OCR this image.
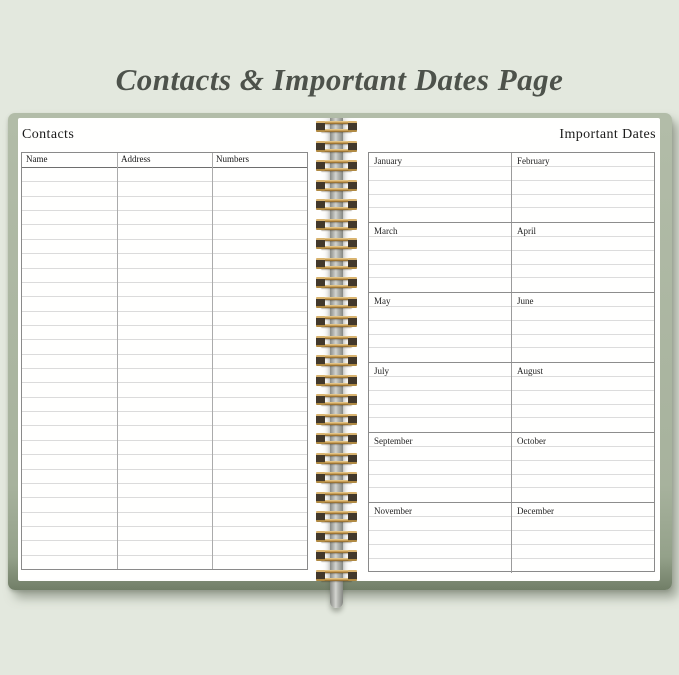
Contacts & Important Dates Page
Contacts
Name	Address	Numbers
Important Dates
January	February
March	April
May	June
July	August
September	October
November	December
